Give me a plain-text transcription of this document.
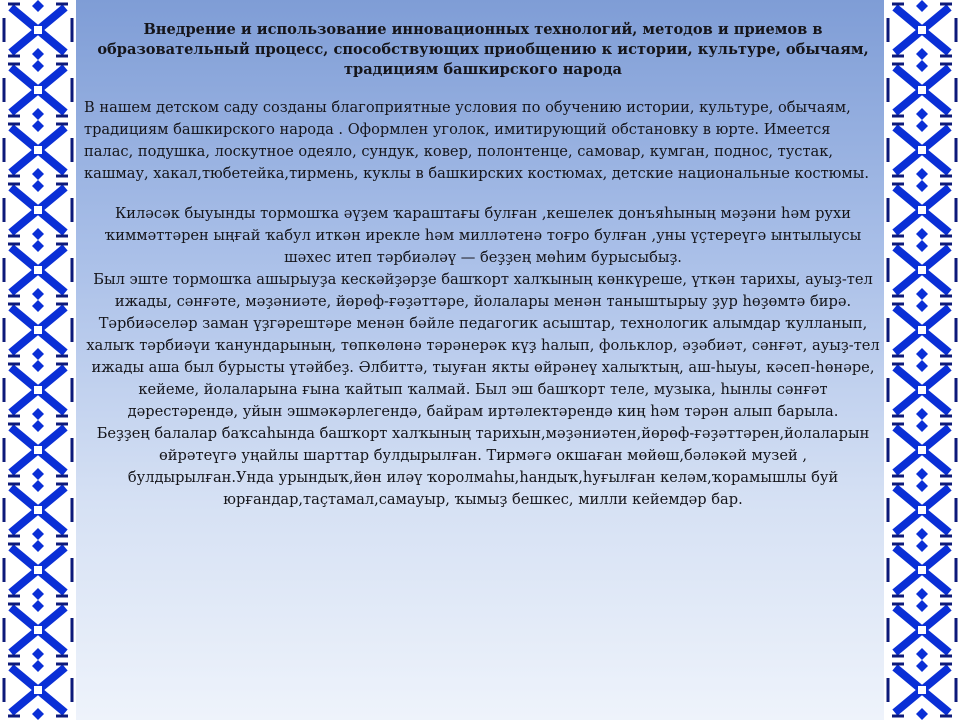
Внедрение и использование инновационных технологий, методов и приемов в образовательный процесс, способствующих приобщению к истории, культуре, обычаям, традициям башкирского народа
В нашем детском саду созданы благоприятные условия по обучению истории, культуре, обычаям, традициям башкирского народа . Оформлен уголок, имитирующий обстановку в юрте. Имеется палас, подушка, лоскутное одеяло, сундук, ковер, полонтенце, самовар, кумган, поднос, тустак, кашмау, хакал,тюбетейка,тирмень, куклы в башкирских костюмах, детские национальные костюмы.

Киләсәк быуынды тормошҡа әүҙем ҡараштағы булған ,кешелек донъяһының мәҙәни һәм рухи ҡиммәттәрен ыңғай ҡабул иткән ирекле һәм милләтенә тоғро булған ,уны үҫтереүгә ынтылыусы шәхес итеп тәрбиәләү — беҙҙең мөһим бурысыбыҙ.

Был эште тормошҡа ашырыуҙа кескәйҙәрҙе башҡорт халҡының көнкүреше, үткән тарихы, ауыҙ-тел ижады, сәнғәте, мәҙәниәте, йөрөф-ғәҙәттәре, йолалары менән таныштырыу ҙур һөҙөмтә бирә.

Тәрбиәселәр заман үҙгәрештәре менән бәйле педагогик асыштар, технологик алымдар ҡулланып, халыҡ тәрбиәүи ҡанундарының, төпкөлөнә тәрәнерәк күҙ һалып, фольклор, әҙәбиәт, сәнғәт, ауыҙ-тел ижады аша был бурысты үтәйбеҙ. Әлбиттә, тыуған якты өйрәнеү халыҡтың, аш-һыуы, кәсеп-һөнәре, кейеме, йолаларына ғына ҡайтып ҡалмай. Был эш башҡорт теле, музыка, һынлы сәнғәт дәрестәрендә, уйын эшмәкәрлегендә, байрам иртәлектәрендә киң һәм тәрән алып барыла.

Беҙҙең балалар баҡсаһында башҡорт халҡының тарихын,мәҙәниәтен,йөрөф-ғәҙәттәрен,йолаларын өйрәтеүгә уңайлы шарттар булдырылған. Тирмәгә окшаған мөйөш,бәләкәй музей , булдырылған.Унда урындыҡ,йөн иләү ҡоролмаһы,һандыҡ,һуғылған келәм,ҡорамышлы буй юрғандар,таҫтамал,самауыр, ҡымыҙ бешкес, милли кейемдәр бар.
